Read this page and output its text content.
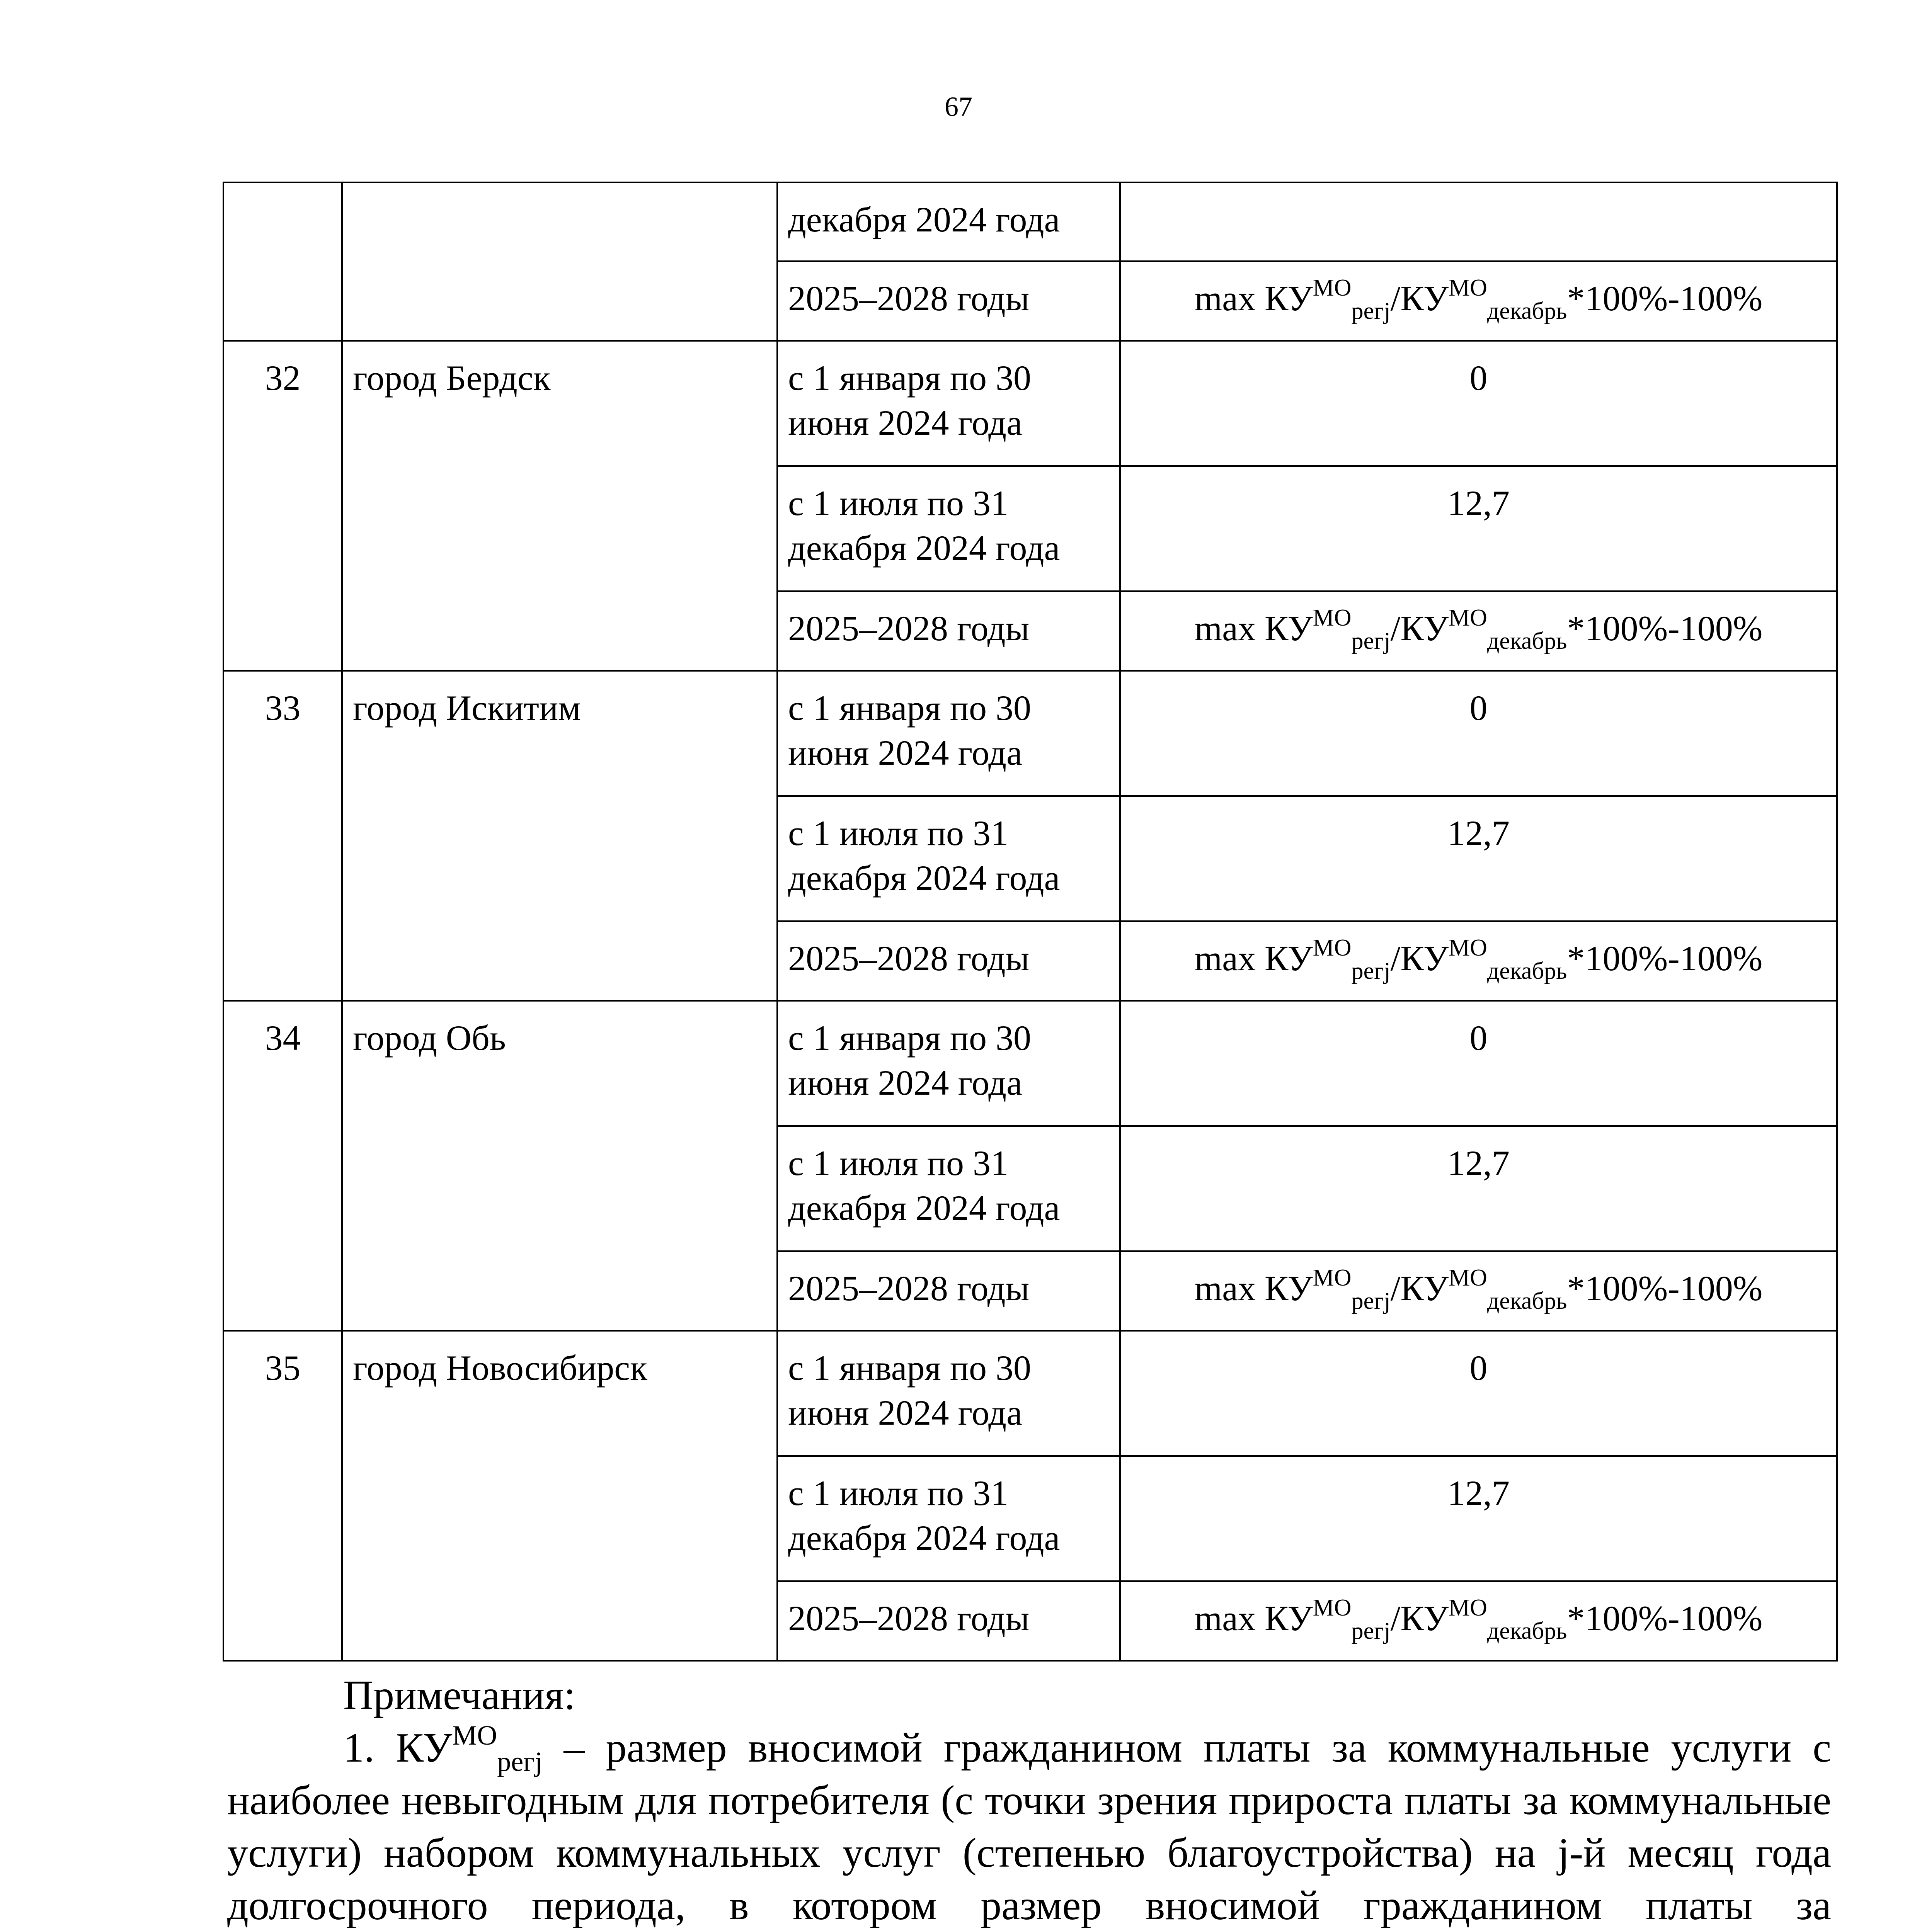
67
		декабря 2024 года	
		2025–2028 годы	$\max КУ^{МО}_{регj}/КУ^{МО}_{декабрь}*100\%-100\%$
32	город Бердск	с 1 января по 30 июня 2024 года	0
		с 1 июля по 31 декабря 2024 года	12,7
		2025–2028 годы	$\max КУ^{МО}_{регj}/КУ^{МО}_{декабрь}*100\%-100\%$
33	город Искитим	с 1 января по 30 июня 2024 года	0
		с 1 июля по 31 декабря 2024 года	12,7
		2025–2028 годы	$\max КУ^{МО}_{регj}/КУ^{МО}_{декабрь}*100\%-100\%$
34	город Обь	с 1 января по 30 июня 2024 года	0
		с 1 июля по 31 декабря 2024 года	12,7
		2025–2028 годы	$\max КУ^{МО}_{регj}/КУ^{МО}_{декабрь}*100\%-100\%$
35	город Новосибирск	с 1 января по 30 июня 2024 года	0
		с 1 июля по 31 декабря 2024 года	12,7
		2025–2028 годы	$\max КУ^{МО}_{регj}/КУ^{МО}_{декабрь}*100\%-100\%$

Примечания:

1. $КУ^{МО}_{регj}$ – размер вносимой гражданином платы за коммунальные услуги с наиболее невыгодным для потребителя (с точки зрения прироста платы за коммунальные услуги) набором коммунальных услуг (степенью благоустройства) на j-й месяц года долгосрочного периода, в котором размер вносимой гражданином платы за
